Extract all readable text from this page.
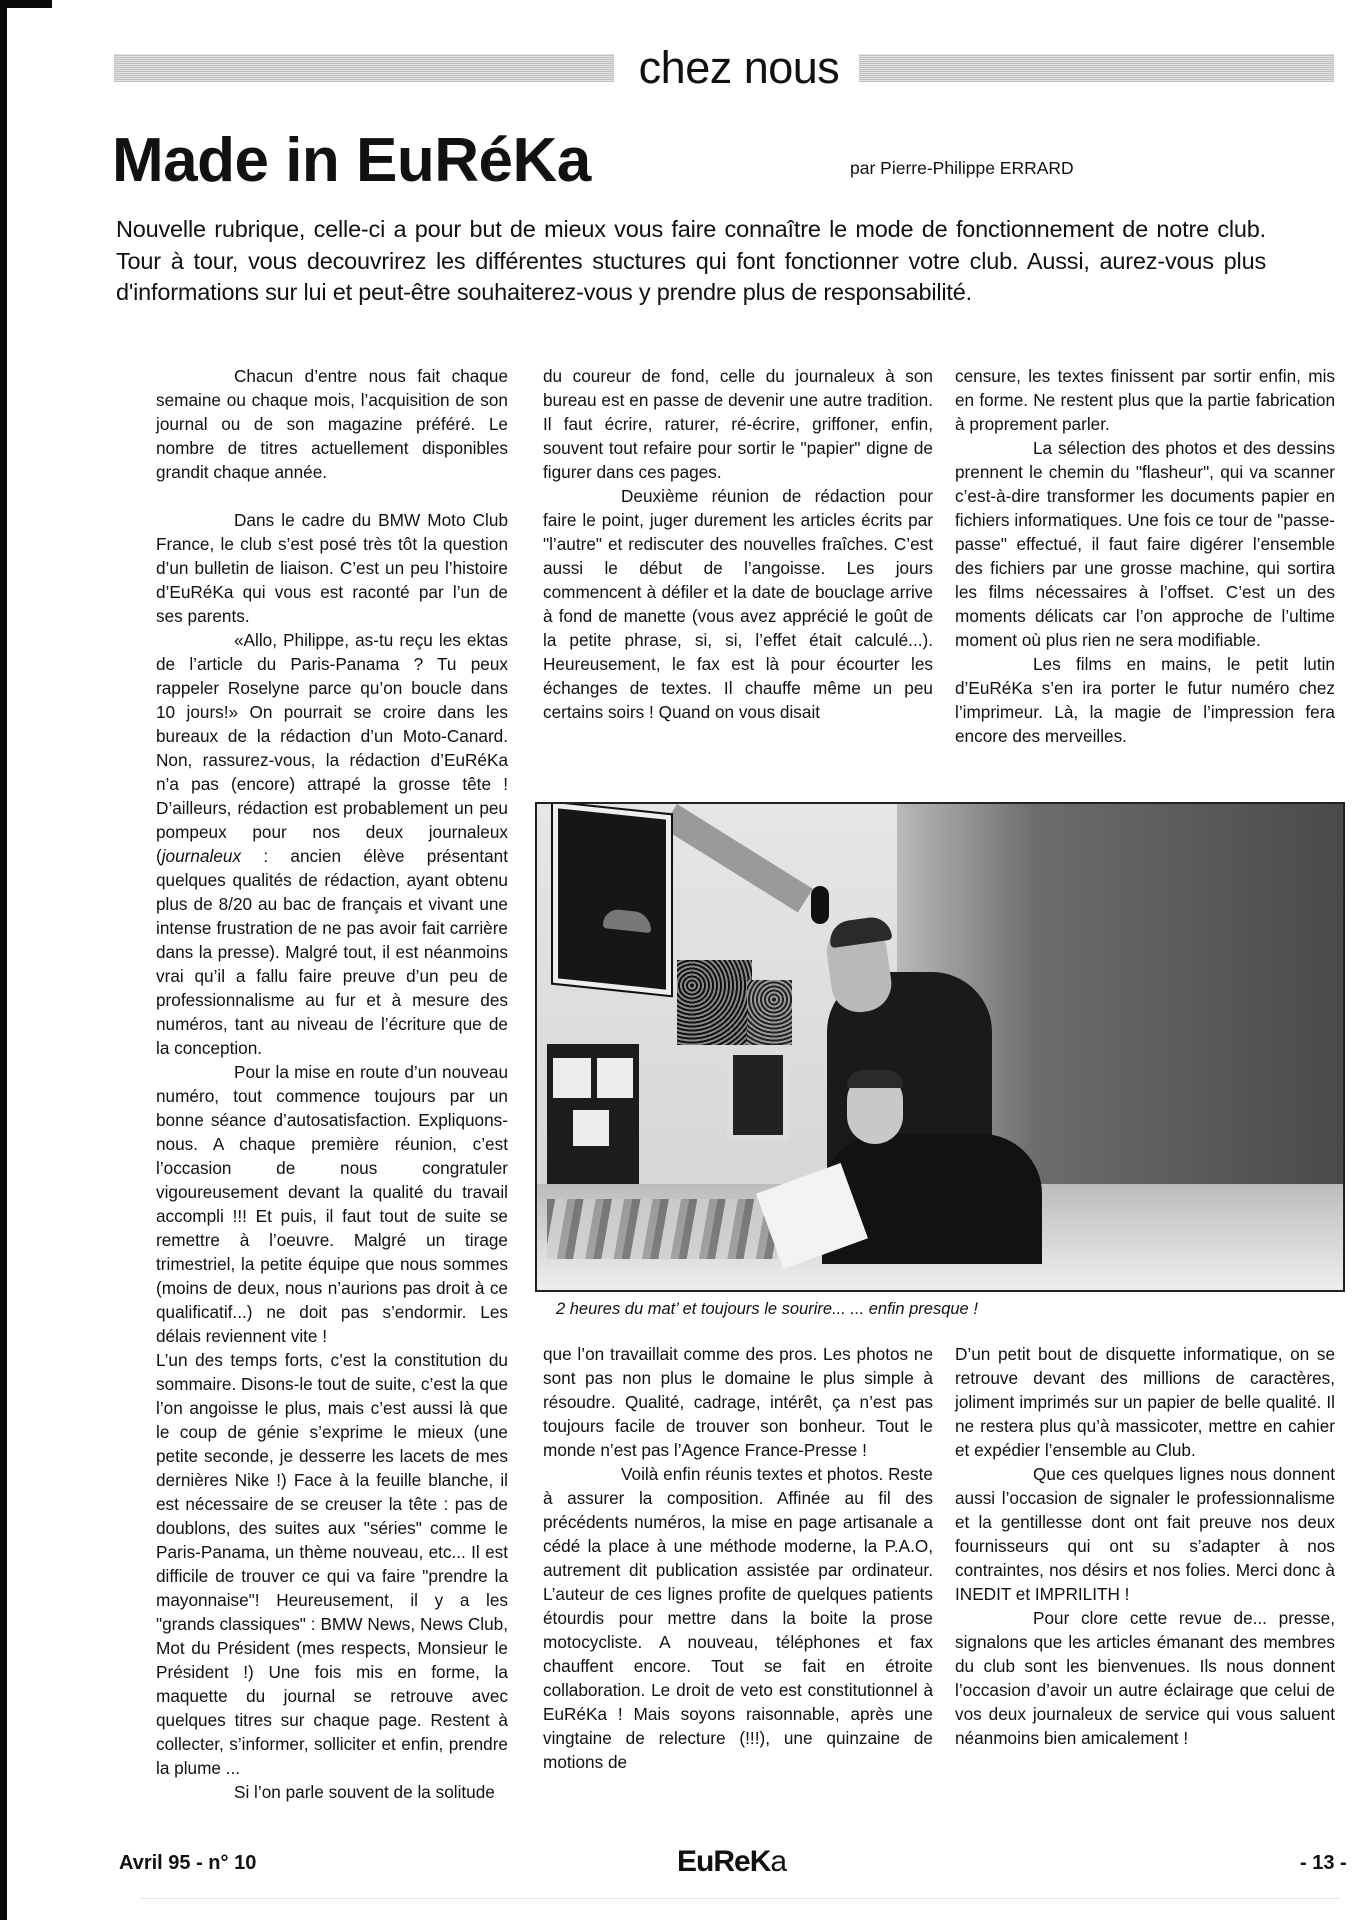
chez nous
Made in EuRéKa	par Pierre-Philippe ERRARD

Nouvelle rubrique, celle-ci a pour but de mieux vous faire connaître le mode de fonctionnement de notre club. Tour à tour, vous decouvrirez les différentes stuctures qui font fonctionner votre club. Aussi, aurez-vous plus d'informations sur lui et peut-être souhaiterez-vous y prendre plus de responsabilité.

Chacun d’entre nous fait chaque semaine ou chaque mois, l’acquisition de son journal ou de son magazine préféré. Le nombre de titres actuellement disponibles grandit chaque année.

Dans le cadre du BMW Moto Club France, le club s’est posé très tôt la question d’un bulletin de liaison. C’est un peu l’histoire d’EuRéKa qui vous est raconté par l’un de ses parents.

«Allo, Philippe, as-tu reçu les ektas de l’article du Paris-Panama ? Tu peux rappeler Roselyne parce qu’on boucle dans 10 jours!» On pourrait se croire dans les bureaux de la rédaction d’un Moto-Canard. Non, rassurez-vous, la rédaction d’EuRéKa n’a pas (encore) attrapé la grosse tête ! D’ailleurs, rédaction est probablement un peu pompeux pour nos deux journaleux (journaleux : ancien élève présentant quelques qualités de rédaction, ayant obtenu plus de 8/20 au bac de français et vivant une intense frustration de ne pas avoir fait carrière dans la presse). Malgré tout, il est néanmoins vrai qu’il a fallu faire preuve d’un peu de professionnalisme au fur et à mesure des numéros, tant au niveau de l’écriture que de la conception.

Pour la mise en route d’un nouveau numéro, tout commence toujours par un bonne séance d’autosatisfaction. Expliquons-nous. A chaque première réunion, c’est l’occasion de nous congratuler vigoureusement devant la qualité du travail accompli !!! Et puis, il faut tout de suite se remettre à l’oeuvre. Malgré un tirage trimestriel, la petite équipe que nous sommes (moins de deux, nous n’aurions pas droit à ce qualificatif...) ne doit pas s’endormir. Les délais reviennent vite !

L’un des temps forts, c’est la constitution du sommaire. Disons-le tout de suite, c’est la que l’on angoisse le plus, mais c’est aussi là que le coup de génie s’exprime le mieux (une petite seconde, je desserre les lacets de mes dernières Nike !) Face à la feuille blanche, il est nécessaire de se creuser la tête : pas de doublons, des suites aux "séries" comme le Paris-Panama, un thème nouveau, etc... Il est difficile de trouver ce qui va faire "prendre la mayonnaise"! Heureusement, il y a les "grands classiques" : BMW News, News Club, Mot du Président (mes respects, Monsieur le Président !) Une fois mis en forme, la maquette du journal se retrouve avec quelques titres sur chaque page. Restent à collecter, s’informer, solliciter et enfin, prendre la plume ...

Si l’on parle souvent de la solitude

du coureur de fond, celle du journaleux à son bureau est en passe de devenir une autre tradition. Il faut écrire, raturer, ré-écrire, griffoner, enfin, souvent tout refaire pour sortir le "papier" digne de figurer dans ces pages.

Deuxième réunion de rédaction pour faire le point, juger durement les articles écrits par "l’autre" et rediscuter des nouvelles fraîches. C’est aussi le début de l’angoisse. Les jours commencent à défiler et la date de bouclage arrive à fond de manette (vous avez apprécié le goût de la petite phrase, si, si, l’effet était calculé...). Heureusement, le fax est là pour écourter les échanges de textes. Il chauffe même un peu certains soirs ! Quand on vous disait

censure, les textes finissent par sortir enfin, mis en forme. Ne restent plus que la partie fabrication à proprement parler.

La sélection des photos et des dessins prennent le chemin du "flasheur", qui va scanner c’est-à-dire transformer les documents papier en fichiers informatiques. Une fois ce tour de "passe-passe" effectué, il faut faire digérer l’ensemble des fichiers par une grosse machine, qui sortira les films nécessaires à l’offset. C’est un des moments délicats car l’on approche de l’ultime moment où plus rien ne sera modifiable.

Les films en mains, le petit lutin d’EuRéKa s’en ira porter le futur numéro chez l’imprimeur. Là, la magie de l’impression fera encore des merveilles.

2 heures du mat’ et toujours le sourire... ... enfin presque !

que l’on travaillait comme des pros. Les photos ne sont pas non plus le domaine le plus simple à résoudre. Qualité, cadrage, intérêt, ça n’est pas toujours facile de trouver son bonheur. Tout le monde n’est pas l’Agence France-Presse !

Voilà enfin réunis textes et photos. Reste à assurer la composition. Affinée au fil des précédents numéros, la mise en page artisanale a cédé la place à une méthode moderne, la P.A.O, autrement dit publication assistée par ordinateur. L’auteur de ces lignes profite de quelques patients étourdis pour mettre dans la boite la prose motocycliste. A nouveau, téléphones et fax chauffent encore. Tout se fait en étroite collaboration. Le droit de veto est constitutionnel à EuRéKa ! Mais soyons raisonnable, après une vingtaine de relecture (!!!), une quinzaine de motions de

D’un petit bout de disquette informatique, on se retrouve devant des millions de caractères, joliment imprimés sur un papier de belle qualité. Il ne restera plus qu’à massicoter, mettre en cahier et expédier l’ensemble au Club.

Que ces quelques lignes nous donnent aussi l’occasion de signaler le professionnalisme et la gentillesse dont ont fait preuve nos deux fournisseurs qui ont su s’adapter à nos contraintes, nos désirs et nos folies. Merci donc à INEDIT et IMPRILITH !

Pour clore cette revue de... presse, signalons que les articles émanant des membres du club sont les bienvenues. Ils nous donnent l’occasion d’avoir un autre éclairage que celui de vos deux journaleux de service qui vous saluent néanmoins bien amicalement !

Avril 95 - n° 10	EuReKa	- 13 -
